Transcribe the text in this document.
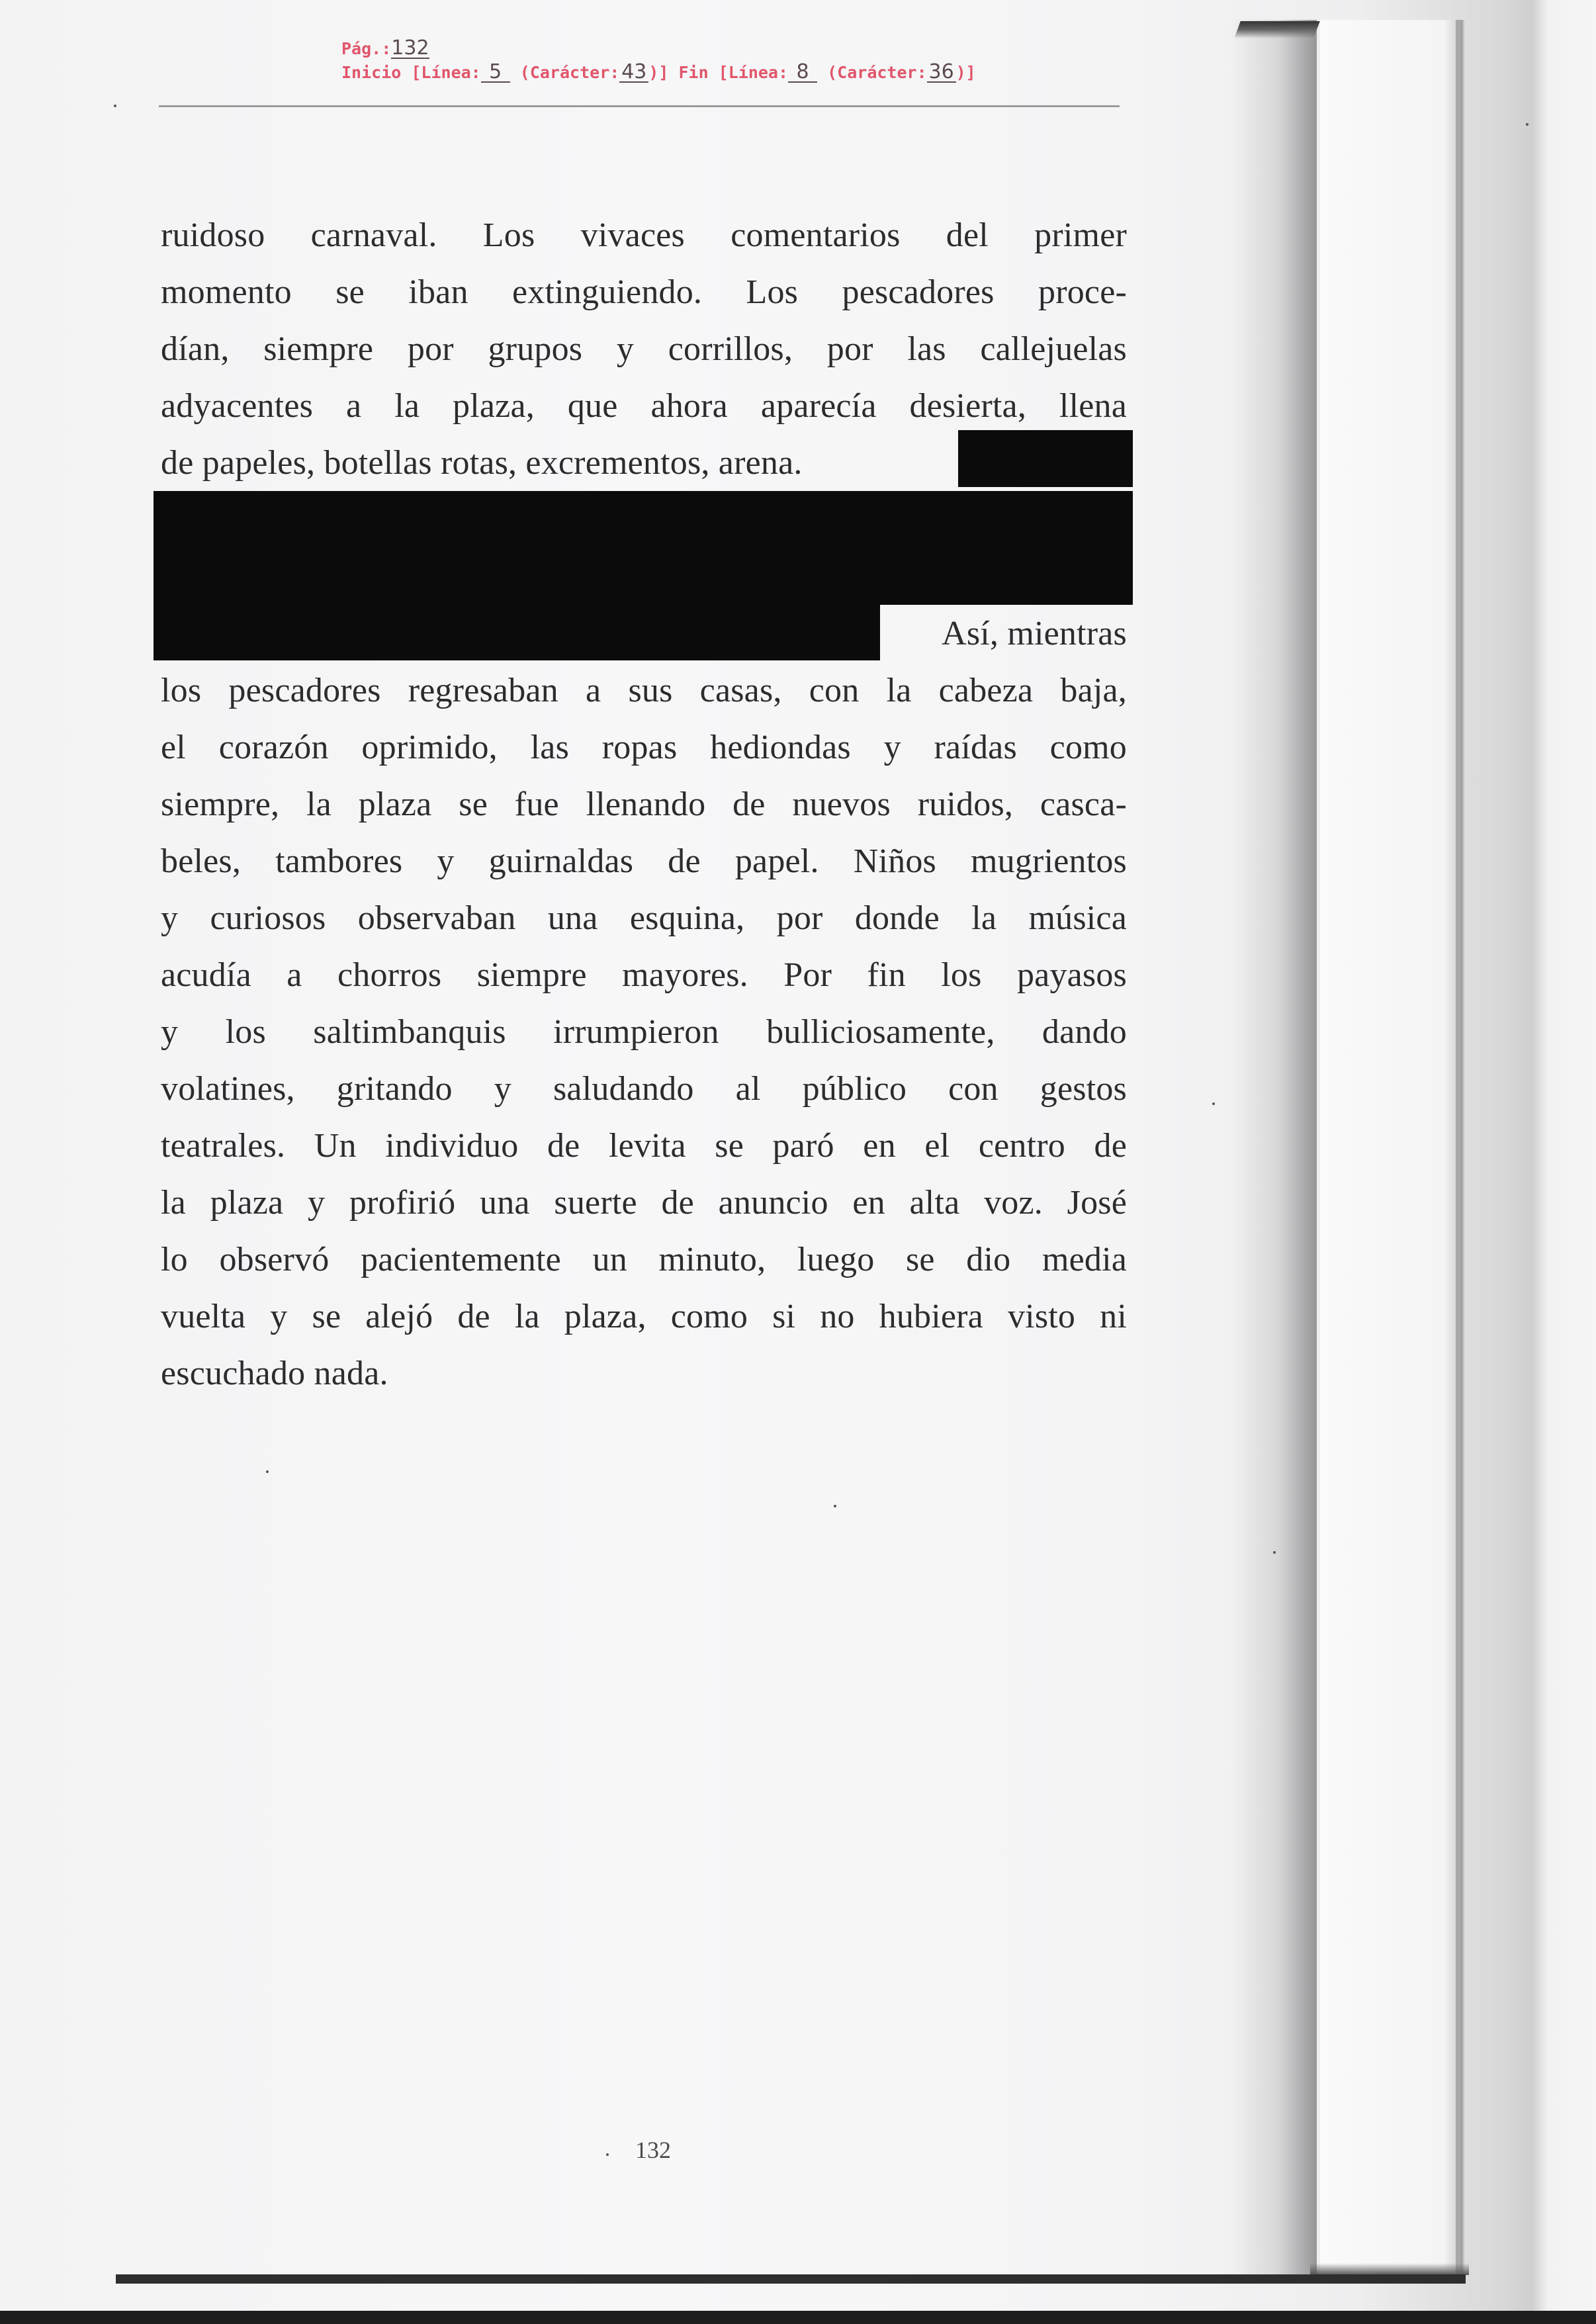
Pág.:132
Inicio [Línea: 5 (Carácter:43 )] Fin [Línea: 8 (Carácter:36 )]
ruidoso carnaval. Los vivaces comentarios del primer
momento se iban extinguiendo. Los pescadores proce-
dían, siempre por grupos y corrillos, por las callejuelas
adyacentes a la plaza, que ahora aparecía desierta, llena
de papeles, botellas rotas, excrementos, arena.
Así, mientras
los pescadores regresaban a sus casas, con la cabeza baja,
el corazón oprimido, las ropas hediondas y raídas como
siempre, la plaza se fue llenando de nuevos ruidos, casca-
beles, tambores y guirnaldas de papel. Niños mugrientos
y curiosos observaban una esquina, por donde la música
acudía a chorros siempre mayores. Por fin los payasos
y los saltimbanquis irrumpieron bulliciosamente, dando
volatines, gritando y saludando al público con gestos
teatrales. Un individuo de levita se paró en el centro de
la plaza y profirió una suerte de anuncio en alta voz. José
lo observó pacientemente un minuto, luego se dio media
vuelta y se alejó de la plaza, como si no hubiera visto ni
escuchado nada.
132
